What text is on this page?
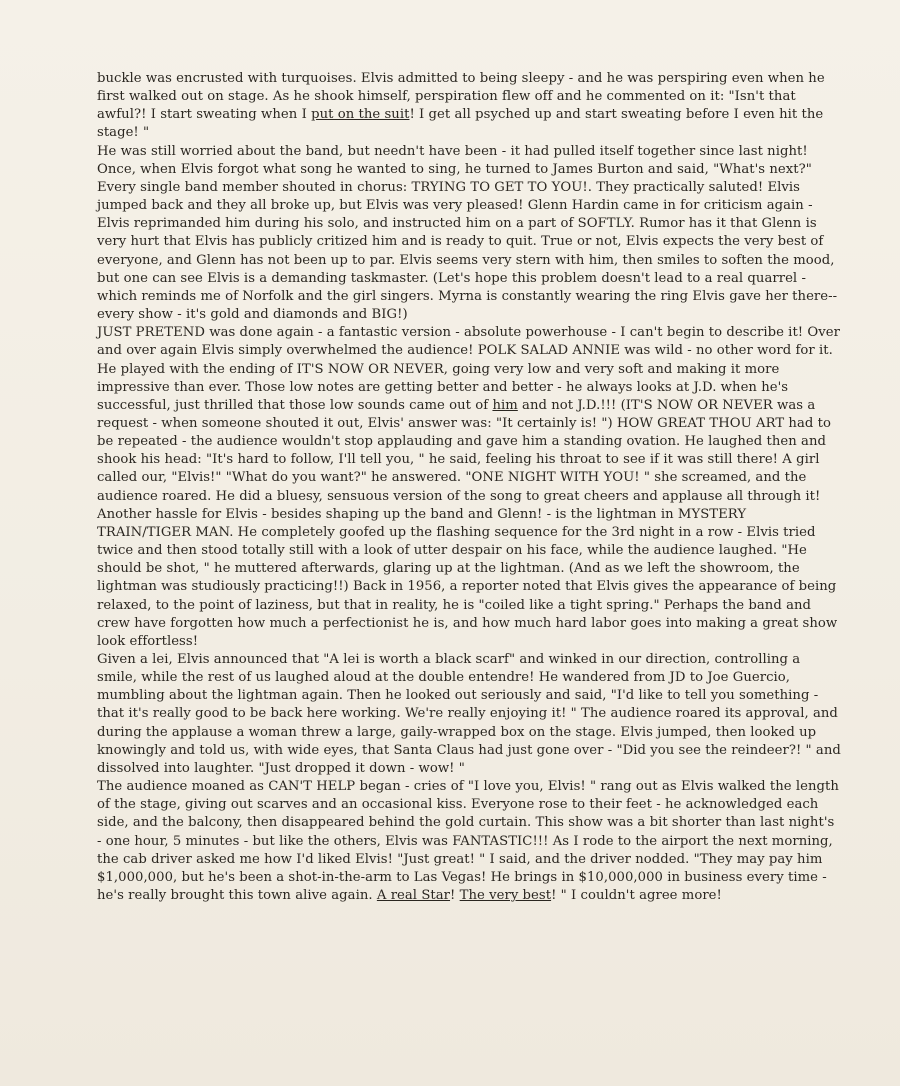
buckle was encrusted with turquoises. Elvis admitted to being sleepy - and he was perspiring even when he first walked out on stage. As he shook himself, perspiration flew off and he commented on it: "Isn't that awful?! I start sweating when I put on the suit! I get all psyched up and start sweating before I even hit the stage! "

He was still worried about the band, but needn't have been - it had pulled itself together since last night! Once, when Elvis forgot what song he wanted to sing, he turned to James Burton and said, "What's next?" Every single band member shouted in chorus: TRYING TO GET TO YOU!. They practically saluted! Elvis jumped back and they all broke up, but Elvis was very pleased! Glenn Hardin came in for criticism again - Elvis reprimanded him during his solo, and instructed him on a part of SOFTLY. Rumor has it that Glenn is very hurt that Elvis has publicly critized him and is ready to quit. True or not, Elvis expects the very best of everyone, and Glenn has not been up to par. Elvis seems very stern with him, then smiles to soften the mood, but one can see Elvis is a demanding taskmaster. (Let's hope this problem doesn't lead to a real quarrel - which reminds me of Norfolk and the girl singers. Myrna is constantly wearing the ring Elvis gave her there-- every show - it's gold and diamonds and BIG!)

JUST PRETEND was done again - a fantastic version - absolute powerhouse - I can't begin to describe it! Over and over again Elvis simply overwhelmed the audience! POLK SALAD ANNIE was wild - no other word for it. He played with the ending of IT'S NOW OR NEVER, going very low and very soft and making it more impressive than ever. Those low notes are getting better and better - he always looks at J.D. when he's successful, just thrilled that those low sounds came out of him and not J.D.!!! (IT'S NOW OR NEVER was a request - when someone shouted it out, Elvis' answer was: "It certainly is! ") HOW GREAT THOU ART had to be repeated - the audience wouldn't stop applauding and gave him a standing ovation. He laughed then and shook his head: "It's hard to follow, I'll tell you, " he said, feeling his throat to see if it was still there! A girl called our, "Elvis!" "What do you want?" he answered. "ONE NIGHT WITH YOU! " she screamed, and the audience roared. He did a bluesy, sensuous version of the song to great cheers and applause all through it!

Another hassle for Elvis - besides shaping up the band and Glenn! - is the lightman in MYSTERY TRAIN/TIGER MAN. He completely goofed up the flashing sequence for the 3rd night in a row - Elvis tried twice and then stood totally still with a look of utter despair on his face, while the audience laughed. "He should be shot, " he muttered afterwards, glaring up at the lightman. (And as we left the showroom, the lightman was studiously practicing!!) Back in 1956, a reporter noted that Elvis gives the appearance of being relaxed, to the point of laziness, but that in reality, he is "coiled like a tight spring." Perhaps the band and crew have forgotten how much a perfectionist he is, and how much hard labor goes into making a great show look effortless!

Given a lei, Elvis announced that "A lei is worth a black scarf" and winked in our direction, controlling a smile, while the rest of us laughed aloud at the double entendre! He wandered from JD to Joe Guercio, mumbling about the lightman again. Then he looked out seriously and said, "I'd like to tell you something - that it's really good to be back here working. We're really enjoying it! " The audience roared its approval, and during the applause a woman threw a large, gaily-wrapped box on the stage. Elvis jumped, then looked up knowingly and told us, with wide eyes, that Santa Claus had just gone over - "Did you see the reindeer?! " and dissolved into laughter. "Just dropped it down - wow! "

The audience moaned as CAN'T HELP began - cries of "I love you, Elvis! " rang out as Elvis walked the length of the stage, giving out scarves and an occasional kiss. Everyone rose to their feet - he acknowledged each side, and the balcony, then disappeared behind the gold curtain. This show was a bit shorter than last night's - one hour, 5 minutes - but like the others, Elvis was FANTASTIC!!! As I rode to the airport the next morning, the cab driver asked me how I'd liked Elvis! "Just great! " I said, and the driver nodded. "They may pay him $1,000,000, but he's been a shot-in-the-arm to Las Vegas! He brings in $10,000,000 in business every time - he's really brought this town alive again. A real Star! The very best! " I couldn't agree more!
